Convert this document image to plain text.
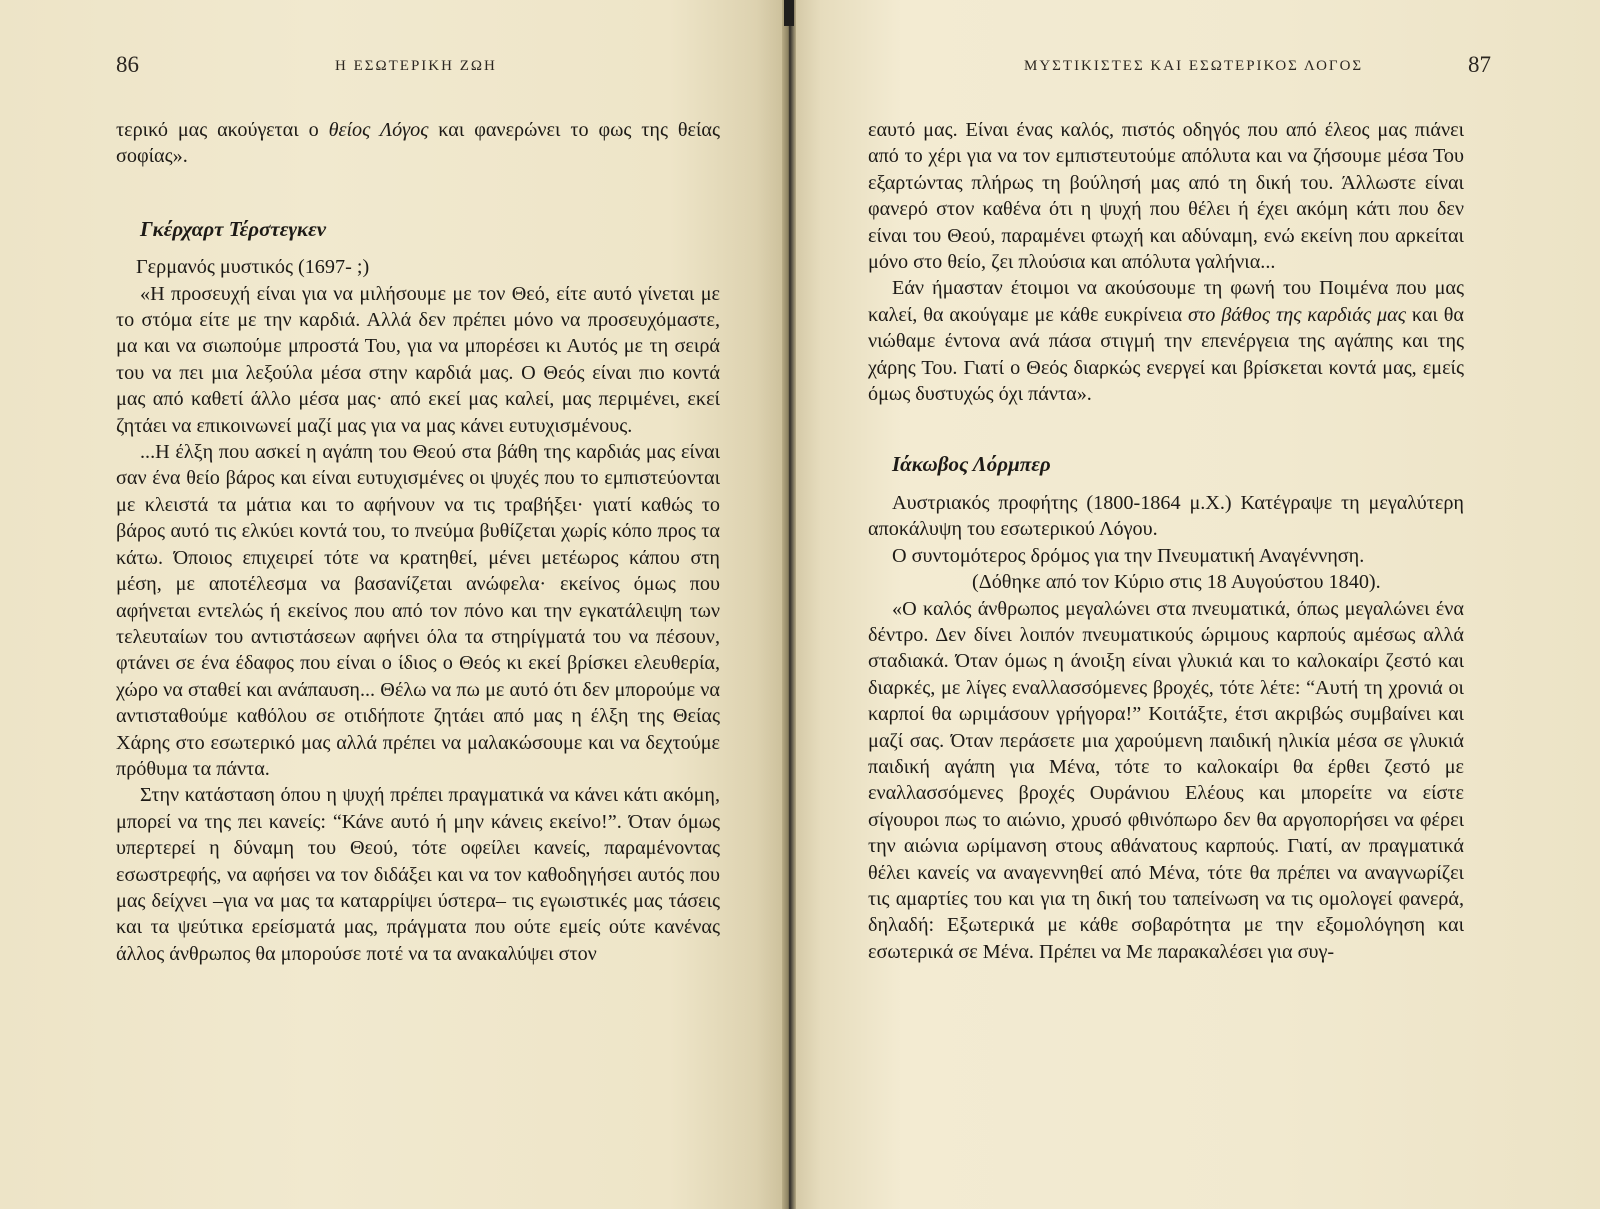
86	Η ΕΣΩΤΕΡΙΚΗ ΖΩΗ

τερικό μας ακούγεται ο θείος Λόγος και φανερώνει το φως της θείας σοφίας».

Γκέρχαρτ Τέρστεγκεν

Γερμανός μυστικός (1697- ;)

«Η προσευχή είναι για να μιλήσουμε με τον Θεό, είτε αυτό γίνεται με το στόμα είτε με την καρδιά. Αλλά δεν πρέπει μόνο να προσευχόμαστε, μα και να σιωπούμε μπροστά Του, για να μπορέσει κι Αυτός με τη σειρά του να πει μια λεξούλα μέσα στην καρδιά μας. Ο Θεός είναι πιο κοντά μας από καθετί άλλο μέσα μας· από εκεί μας καλεί, μας περιμένει, εκεί ζητάει να επικοινωνεί μαζί μας για να μας κάνει ευτυχισμένους.

...Η έλξη που ασκεί η αγάπη του Θεού στα βάθη της καρδιάς μας είναι σαν ένα θείο βάρος και είναι ευτυχισμένες οι ψυχές που το εμπιστεύονται με κλειστά τα μάτια και το αφήνουν να τις τραβήξει· γιατί καθώς το βάρος αυτό τις ελκύει κοντά του, το πνεύμα βυθίζεται χωρίς κόπο προς τα κάτω. Όποιος επιχειρεί τότε να κρατηθεί, μένει μετέωρος κάπου στη μέση, με αποτέλεσμα να βασανίζεται ανώφελα· εκείνος όμως που αφήνεται εντελώς ή εκείνος που από τον πόνο και την εγκατάλειψη των τελευταίων του αντιστάσεων αφήνει όλα τα στηρίγματά του να πέσουν, φτάνει σε ένα έδαφος που είναι ο ίδιος ο Θεός κι εκεί βρίσκει ελευθερία, χώρο να σταθεί και ανάπαυση... Θέλω να πω με αυτό ότι δεν μπορούμε να αντισταθούμε καθόλου σε οτιδήποτε ζητάει από μας η έλξη της Θείας Χάρης στο εσωτερικό μας αλλά πρέπει να μαλακώσουμε και να δεχτούμε πρόθυμα τα πάντα.

Στην κατάσταση όπου η ψυχή πρέπει πραγματικά να κάνει κάτι ακόμη, μπορεί να της πει κανείς: “Κάνε αυτό ή μην κάνεις εκείνο!”. Όταν όμως υπερτερεί η δύναμη του Θεού, τότε οφείλει κανείς, παραμένοντας εσωστρεφής, να αφήσει να τον διδάξει και να τον καθοδηγήσει αυτός που μας δείχνει –για να μας τα καταρρίψει ύστερα– τις εγωιστικές μας τάσεις και τα ψεύτικα ερείσματά μας, πράγματα που ούτε εμείς ούτε κανένας άλλος άνθρωπος θα μπορούσε ποτέ να τα ανακαλύψει στον

ΜΥΣΤΙΚΙΣΤΕΣ ΚΑΙ ΕΣΩΤΕΡΙΚΟΣ ΛΟΓΟΣ	87

εαυτό μας. Είναι ένας καλός, πιστός οδηγός που από έλεος μας πιάνει από το χέρι για να τον εμπιστευτούμε απόλυτα και να ζήσουμε μέσα Του εξαρτώντας πλήρως τη βούλησή μας από τη δική του. Άλλωστε είναι φανερό στον καθένα ότι η ψυχή που θέλει ή έχει ακόμη κάτι που δεν είναι του Θεού, παραμένει φτωχή και αδύναμη, ενώ εκείνη που αρκείται μόνο στο θείο, ζει πλούσια και απόλυτα γαλήνια...

Εάν ήμασταν έτοιμοι να ακούσουμε τη φωνή του Ποιμένα που μας καλεί, θα ακούγαμε με κάθε ευκρίνεια στο βάθος της καρδιάς μας και θα νιώθαμε έντονα ανά πάσα στιγμή την επενέργεια της αγάπης και της χάρης Του. Γιατί ο Θεός διαρκώς ενεργεί και βρίσκεται κοντά μας, εμείς όμως δυστυχώς όχι πάντα».

Ιάκωβος Λόρμπερ

Αυστριακός προφήτης (1800-1864 μ.Χ.) Κατέγραψε τη μεγαλύτερη αποκάλυψη του εσωτερικού Λόγου.

Ο συντομότερος δρόμος για την Πνευματική Αναγέννηση.

(Δόθηκε από τον Κύριο στις 18 Αυγούστου 1840).

«Ο καλός άνθρωπος μεγαλώνει στα πνευματικά, όπως μεγαλώνει ένα δέντρο. Δεν δίνει λοιπόν πνευματικούς ώριμους καρπούς αμέσως αλλά σταδιακά. Όταν όμως η άνοιξη είναι γλυκιά και το καλοκαίρι ζεστό και διαρκές, με λίγες εναλλασσόμενες βροχές, τότε λέτε: “Αυτή τη χρονιά οι καρποί θα ωριμάσουν γρήγορα!” Κοιτάξτε, έτσι ακριβώς συμβαίνει και μαζί σας. Όταν περάσετε μια χαρούμενη παιδική ηλικία μέσα σε γλυκιά παιδική αγάπη για Μένα, τότε το καλοκαίρι θα έρθει ζεστό με εναλλασσόμενες βροχές Ουράνιου Ελέους και μπορείτε να είστε σίγουροι πως το αιώνιο, χρυσό φθινόπωρο δεν θα αργοπορήσει να φέρει την αιώνια ωρίμανση στους αθάνατους καρπούς. Γιατί, αν πραγματικά θέλει κανείς να αναγεννηθεί από Μένα, τότε θα πρέπει να αναγνωρίζει τις αμαρτίες του και για τη δική του ταπείνωση να τις ομολογεί φανερά, δηλαδή: Εξωτερικά με κάθε σοβαρότητα με την εξομολόγηση και εσωτερικά σε Μένα. Πρέπει να Με παρακαλέσει για συγ-
